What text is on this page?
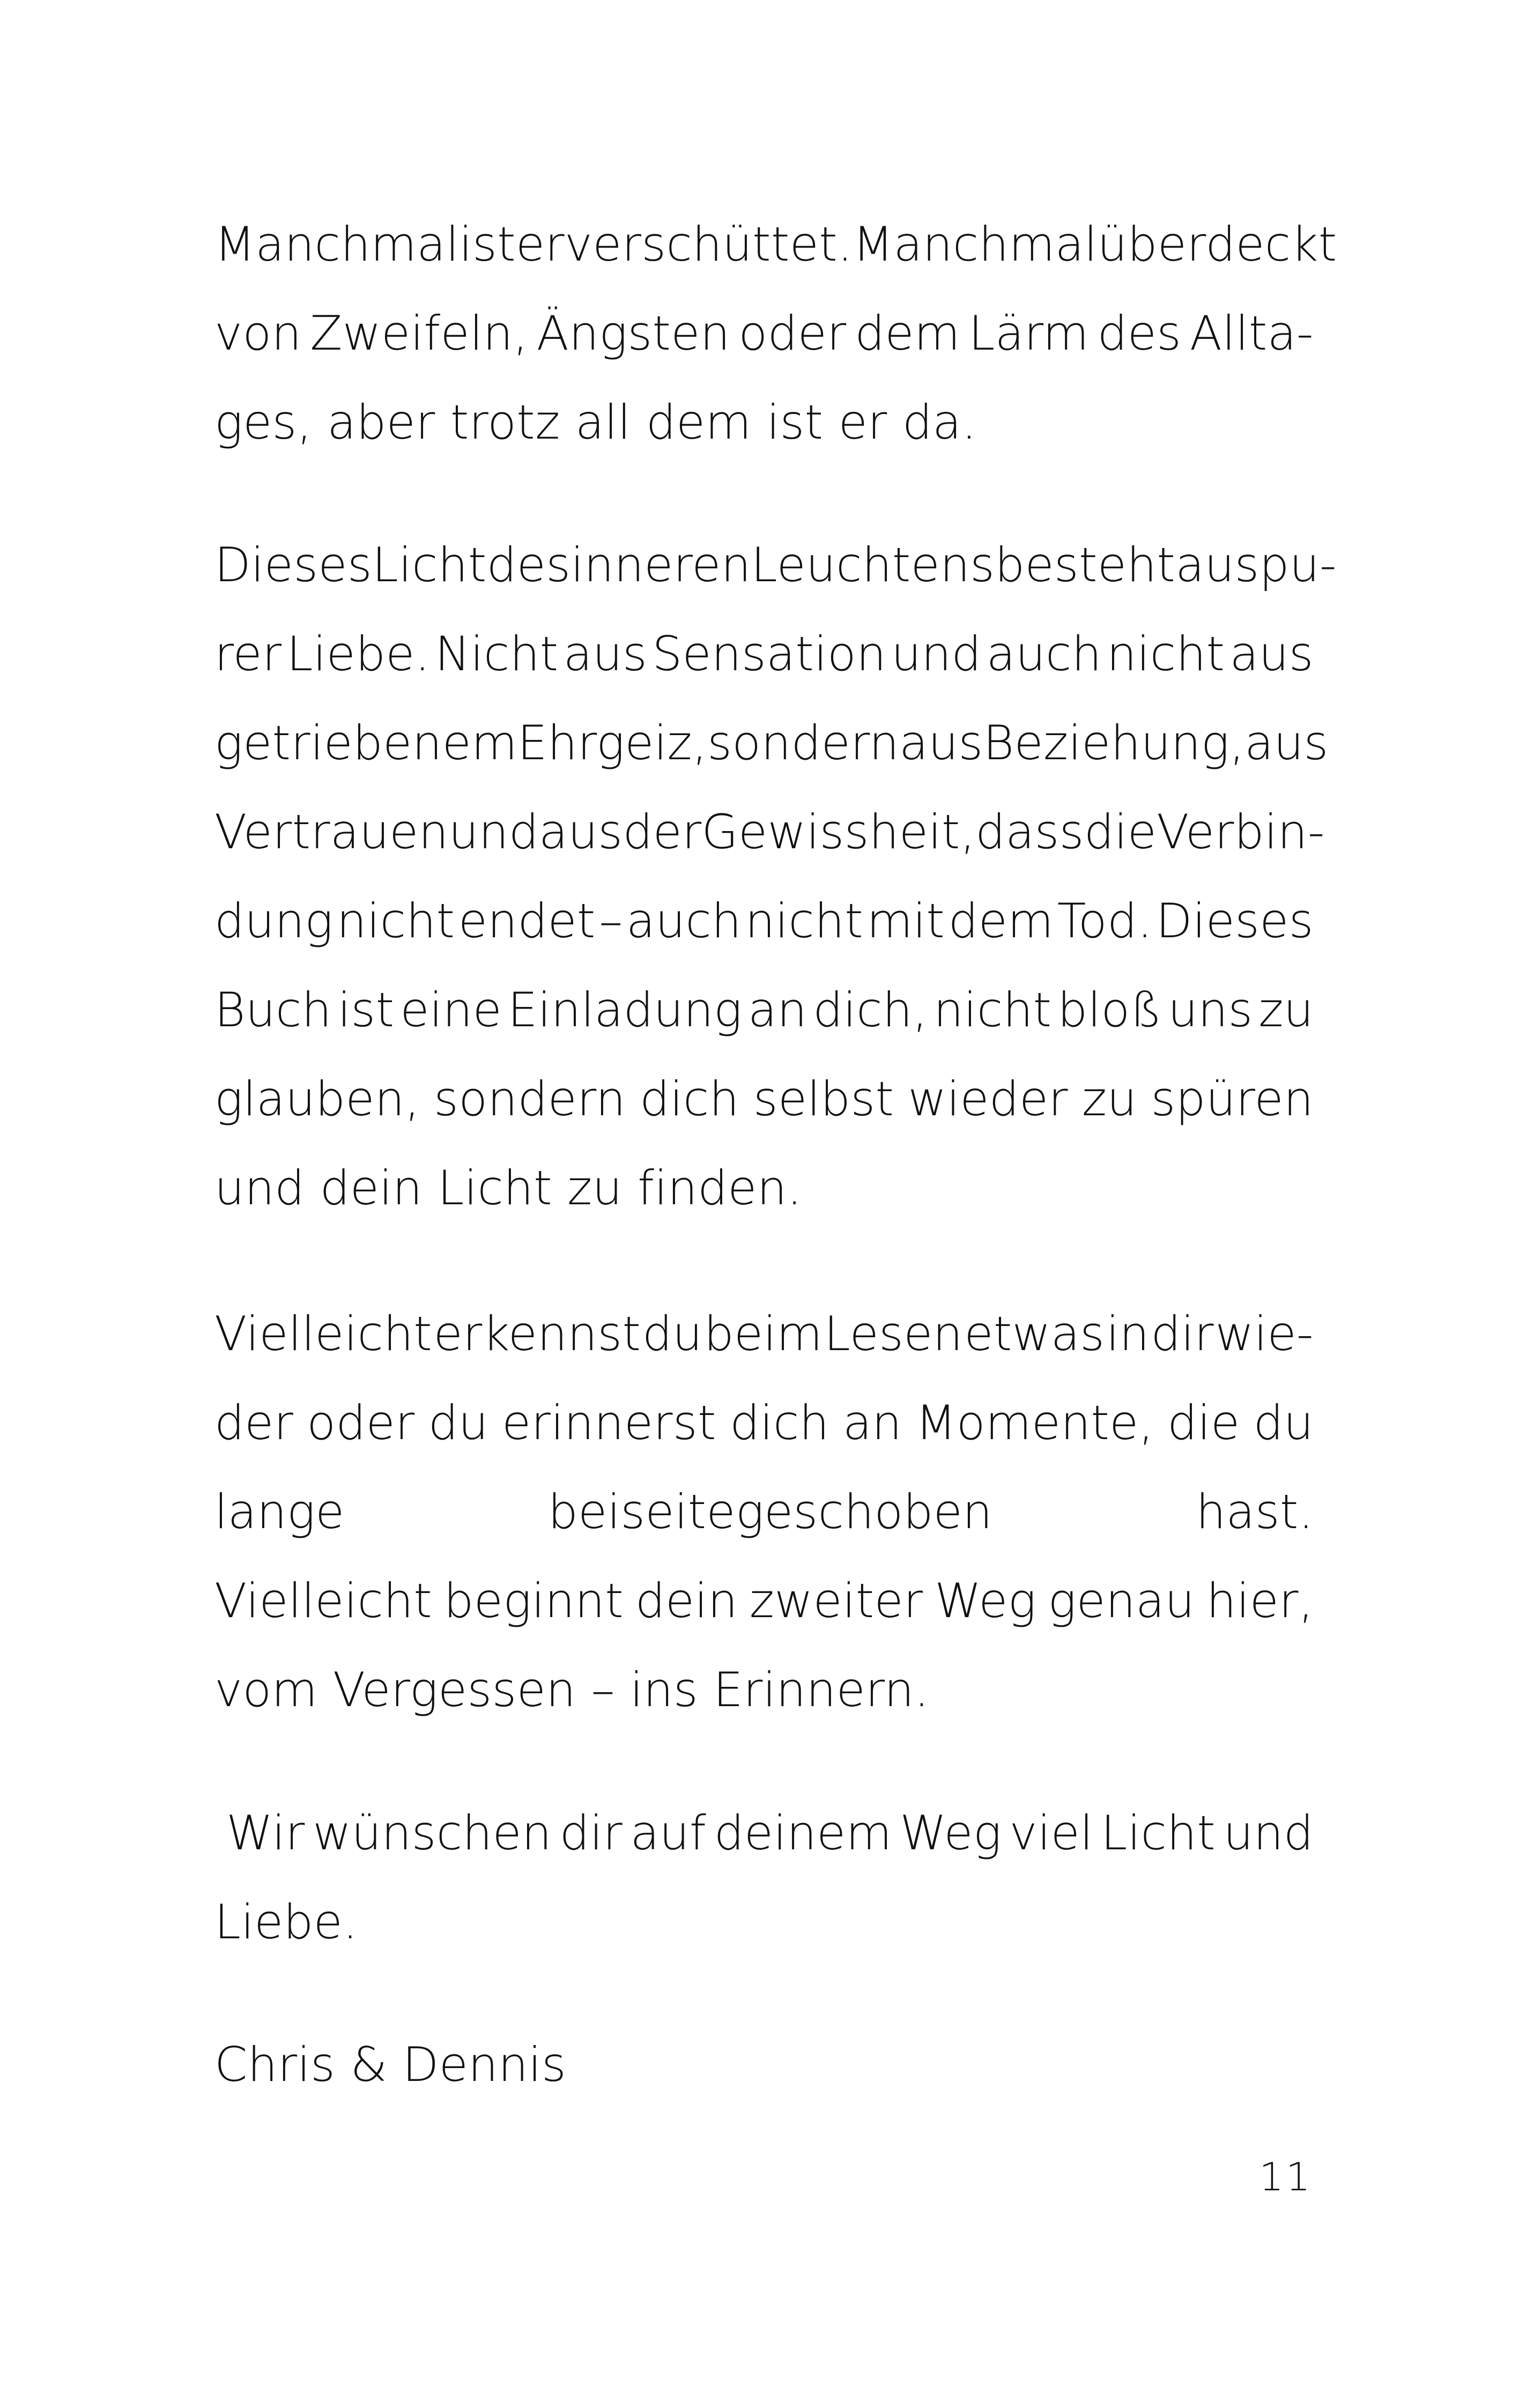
Manchmal ist er verschüttet. Manchmal überdeckt
von Zweifeln, Ängsten oder dem Lärm des Allta-
ges, aber trotz all dem ist er da.
Dieses Licht des inneren Leuchtens besteht aus pu-
rer Liebe. Nicht aus Sensation und auch nicht aus
getriebenem Ehrgeiz, sondern aus Beziehung, aus
Vertrauen und aus der Gewissheit, dass die Verbin-
dung nicht endet – auch nicht mit dem Tod. Dieses
Buch ist eine Einladung an dich, nicht bloß uns zu
glauben, sondern dich selbst wieder zu spüren
und dein Licht zu finden.
Vielleicht erkennst du beim Lesen etwas in dir wie-
der oder du erinnerst dich an Momente, die du
lange	beiseitegeschoben	hast.
Vielleicht beginnt dein zweiter Weg genau hier,
vom Vergessen – ins Erinnern.
Wir wünschen dir auf deinem Weg viel Licht und
Liebe.
Chris & Dennis
11
